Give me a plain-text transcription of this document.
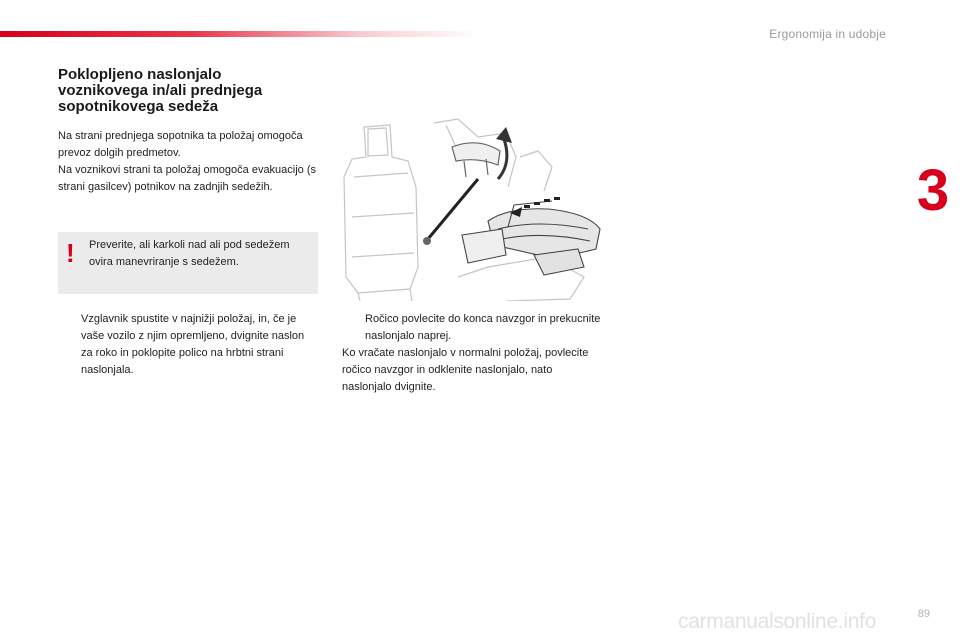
Ergonomija in udobje
3
Poklopljeno naslonjalo
voznikovega in/ali prednjega
sopotnikovega sedeža

Na strani prednjega sopotnika ta položaj omogoča prevoz dolgih predmetov.

Na voznikovi strani ta položaj omogoča evakuacijo (s strani gasilcev) potnikov na zadnjih sedežih.

! Preverite, ali karkoli nad ali pod sedežem ovira manevriranje s sedežem.

Vzglavnik spustite v najnižji položaj, in, če je vaše vozilo z njim opremljeno, dvignite naslon za roko in poklopite polico na hrbtni strani naslonjala.

Ročico povlecite do konca navzgor in prekucnite naslonjalo naprej.

Ko vračate naslonjalo v normalni položaj, povlecite ročico navzgor in odklenite naslonjalo, nato naslonjalo dvignite.

89
carmanualsonline.info
